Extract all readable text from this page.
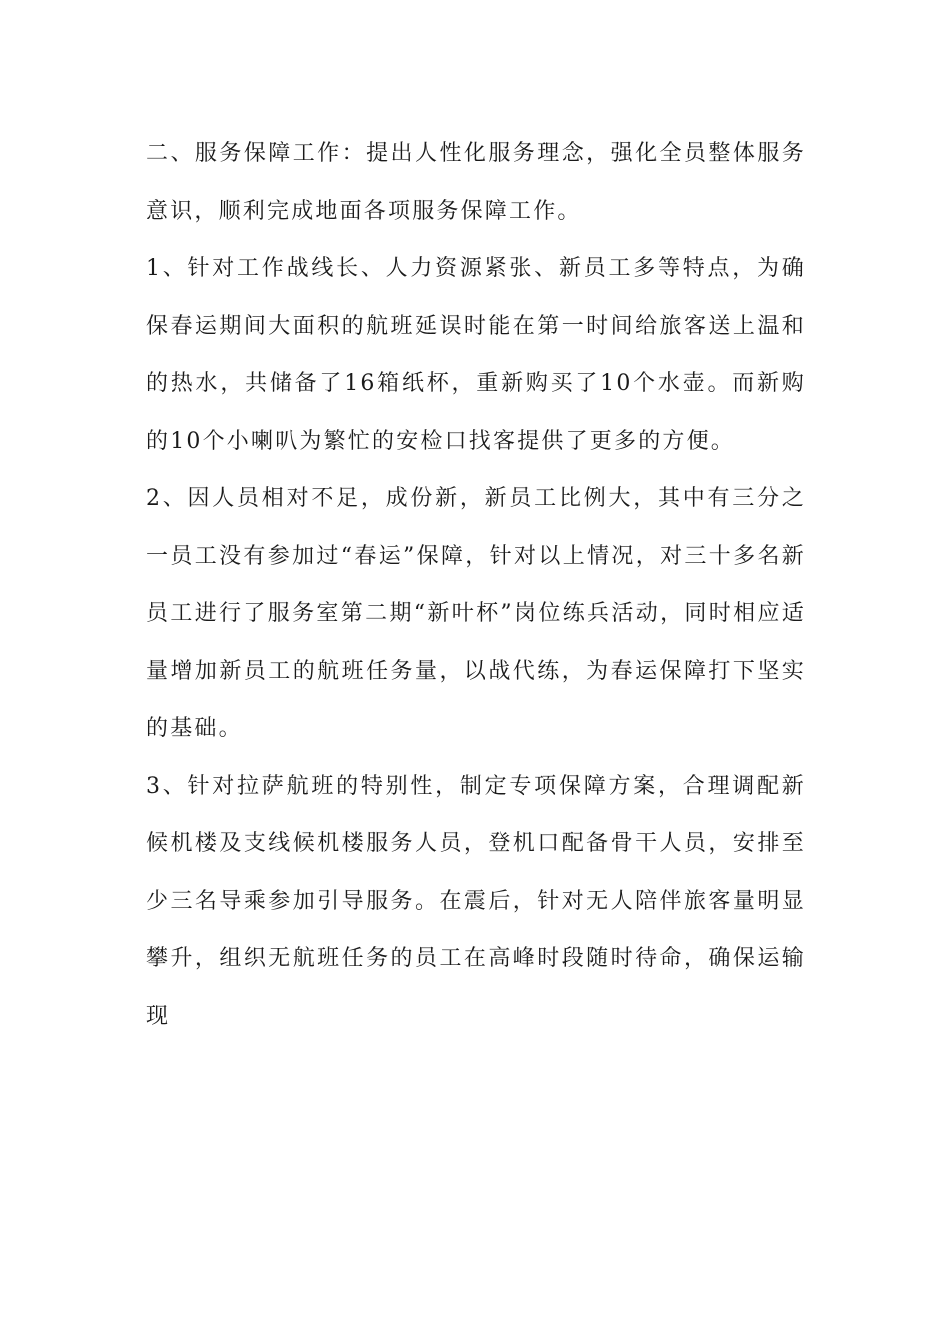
二、服务保障工作：提出人性化服务理念，强化全员整体服务意识，顺利完成地面各项服务保障工作。

1、针对工作战线长、人力资源紧张、新员工多等特点，为确保春运期间大面积的航班延误时能在第一时间给旅客送上温和的热水，共储备了16箱纸杯，重新购买了10个水壶。而新购的10个小喇叭为繁忙的安检口找客提供了更多的方便。

2、因人员相对不足，成份新，新员工比例大，其中有三分之一员工没有参加过“春运”保障，针对以上情况，对三十多名新员工进行了服务室第二期“新叶杯”岗位练兵活动，同时相应适量增加新员工的航班任务量，以战代练，为春运保障打下坚实的基础。

3、针对拉萨航班的特别性，制定专项保障方案，合理调配新候机楼及支线候机楼服务人员，登机口配备骨干人员，安排至少三名导乘参加引导服务。在震后，针对无人陪伴旅客量明显攀升，组织无航班任务的员工在高峰时段随时待命，确保运输现
